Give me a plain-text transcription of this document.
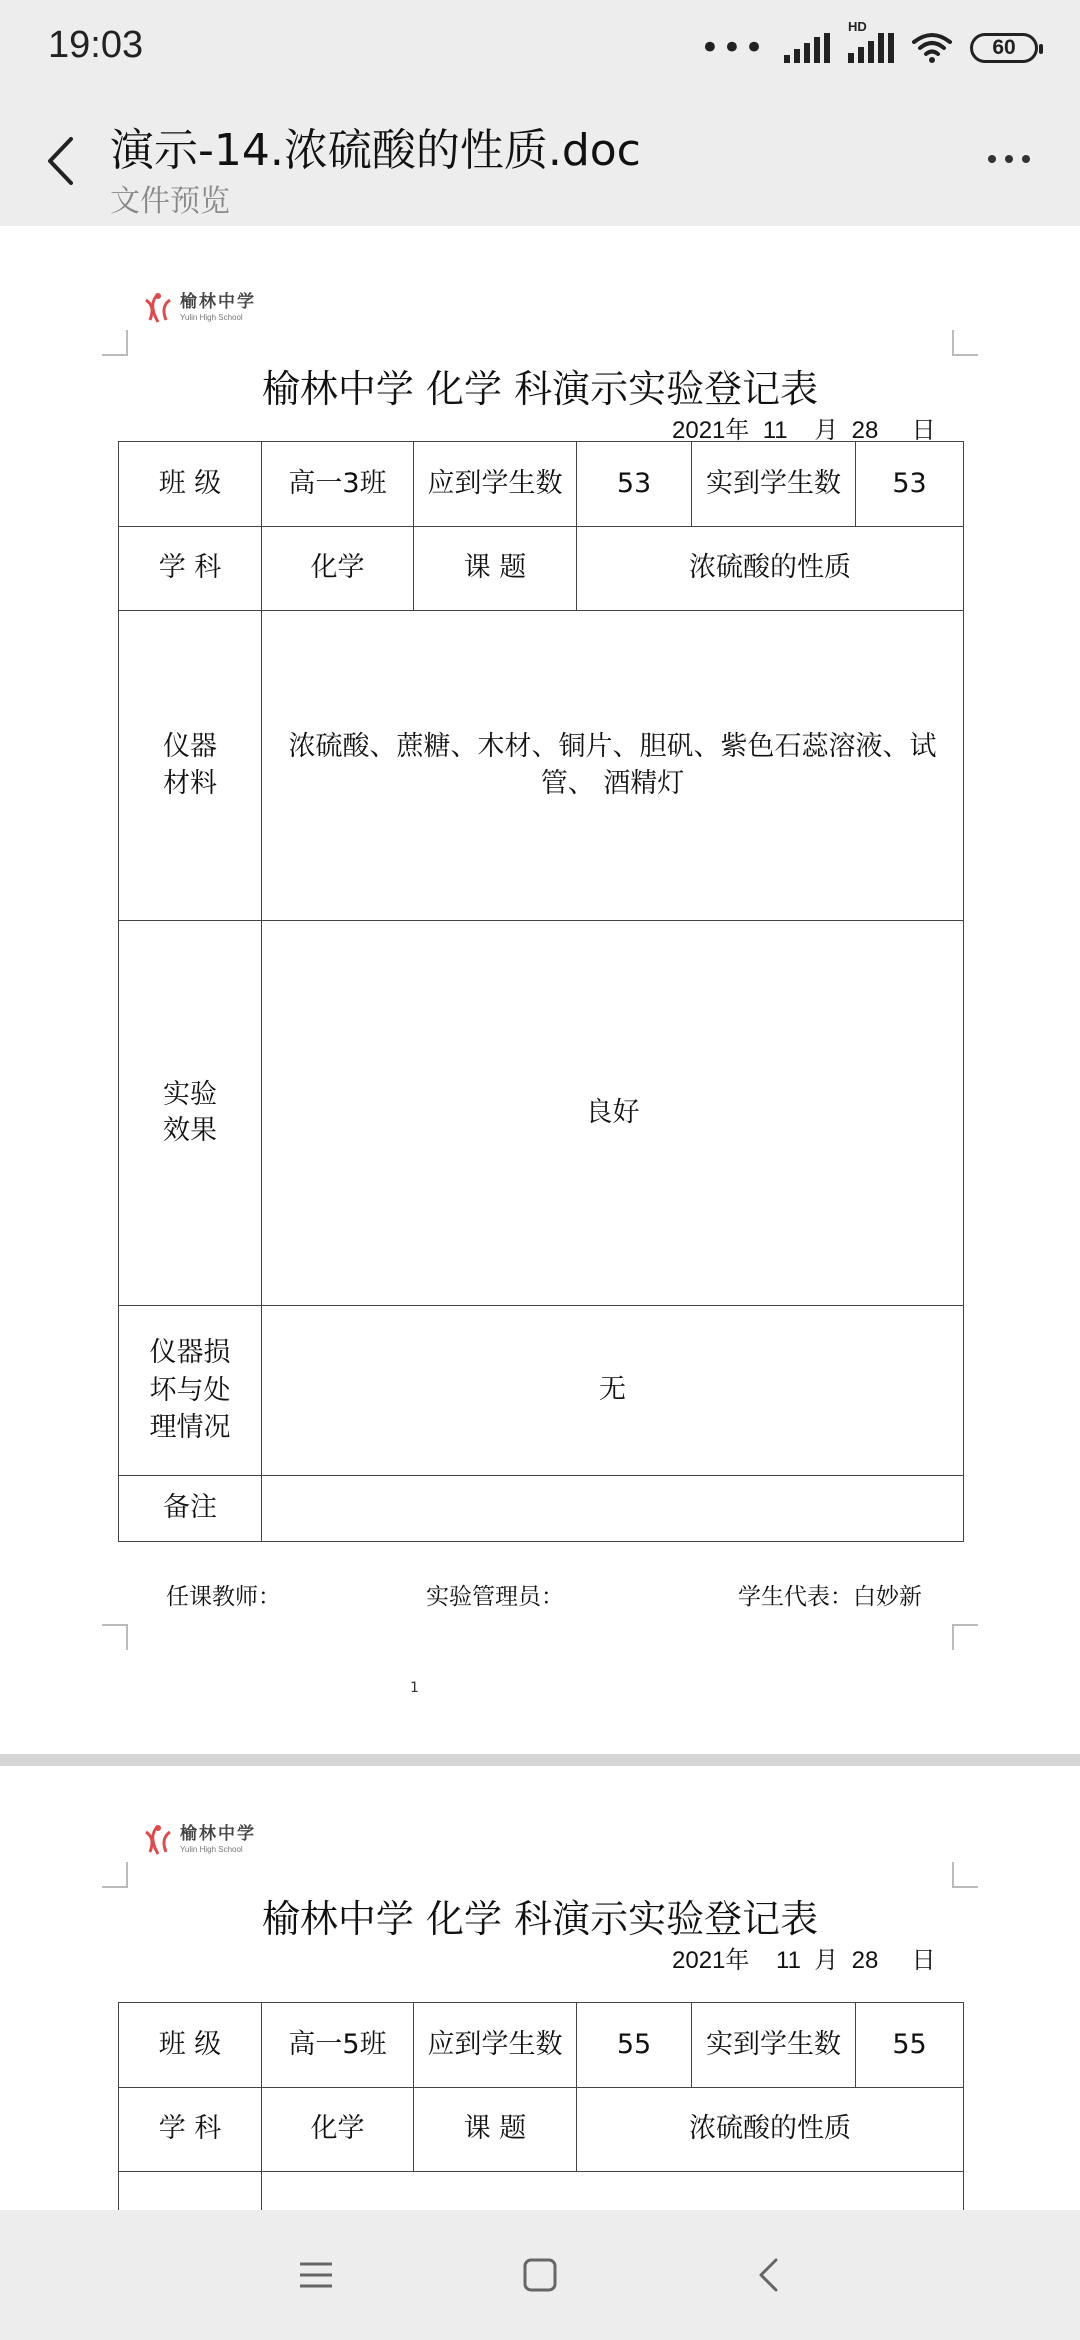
19:03	•••
HD
60
演示-14.浓硫酸的性质.doc
文件预览
榆林中学
Yulin High School
榆林中学 化学 科演示实验登记表
2021年  11    月  28     日
班 级	高一3班	应到学生数	53	实到学生数	53
学 科	化学	课 题	浓硫酸的性质		
仪器材料	浓硫酸、蔗糖、木材、铜片、胆矾、紫色石蕊溶液、试管、 酒精灯				
实验效果	良好				
仪器损坏与处理情况	无				
备注					
任课教师：	实验管理员：	学生代表：白妙新
1
榆林中学
Yulin High School
榆林中学 化学 科演示实验登记表
2021年    11  月  28     日
班 级	高一5班	应到学生数	55	实到学生数	55
学 科	化学	课 题	浓硫酸的性质		
